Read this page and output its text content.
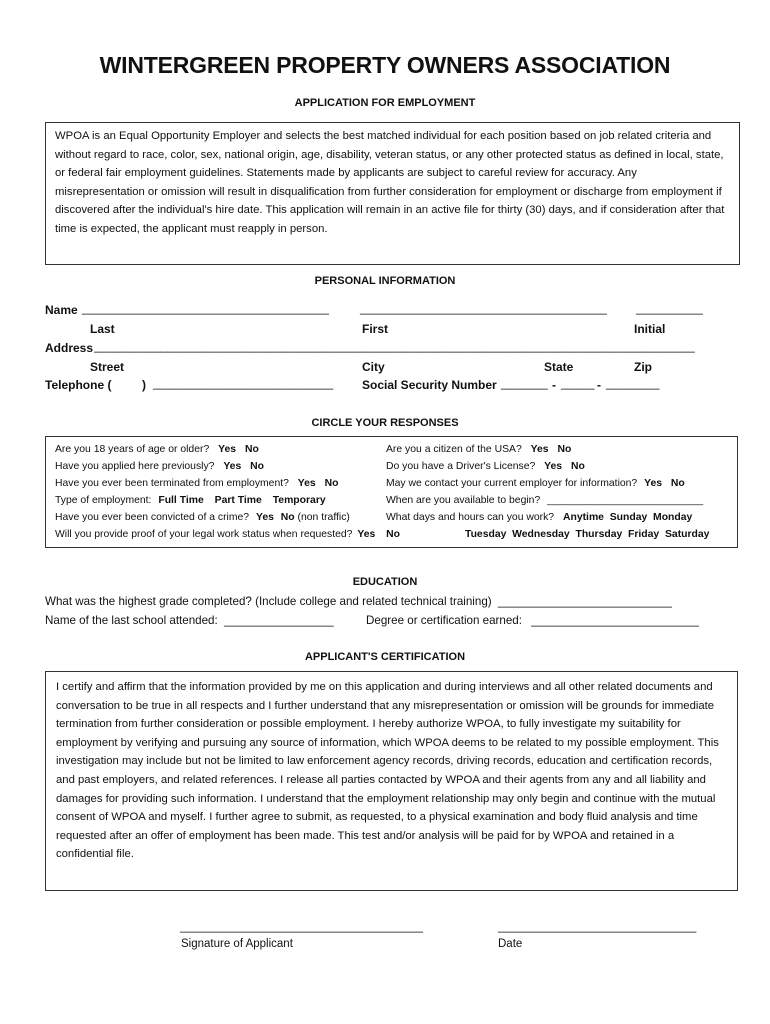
WINTERGREEN PROPERTY OWNERS ASSOCIATION
APPLICATION FOR EMPLOYMENT
WPOA is an Equal Opportunity Employer and selects the best matched individual for each position based on job related criteria and without regard to race, color, sex, national origin, age, disability, veteran status, or any other protected status as defined in local, state, or federal fair employment guidelines. Statements made by applicants are subject to careful review for accuracy. Any misrepresentation or omission will result in disqualification from further consideration for employment or discharge from employment if discovered after the individual's hire date. This application will remain in an active file for thirty (30) days, and if consideration after that time is expected, the applicant must reapply in person.
PERSONAL INFORMATION
Name _____________________________________	_____________________________________ __________
Last	First	Initial
Address __________________________________________________________________________________________
Street	City	State	Zip
Telephone (	) ___________________________ Social Security Number _______ - _____ - ________
CIRCLE YOUR RESPONSES
Are you 18 years of age or older? Yes No
Have you applied here previously? Yes No
Have you ever been terminated from employment? Yes No
Type of employment: Full Time Part Time Temporary
Have you ever been convicted of a crime? Yes No (non traffic)
Will you provide proof of your legal work status when requested? Yes No
Are you a citizen of the USA? Yes No
Do you have a Driver's License? Yes No
May we contact your current employer for information? Yes No
When are you available to begin? ___________________________
What days and hours can you work? Anytime  Sunday  Monday
Tuesday  Wednesday  Thursday  Friday  Saturday
EDUCATION
What was the highest grade completed? (Include college and related technical training) ___________________________
Name of the last school attended: _________________	Degree or certification earned: __________________________
APPLICANT'S CERTIFICATION
I certify and affirm that the information provided by me on this application and during interviews and all other related documents and conversation to be true in all respects and I further understand that any misrepresentation or omission will be grounds for immediate termination from further consideration or possible employment. I hereby authorize WPOA, to fully investigate my suitability for employment by verifying and pursuing any source of information, which WPOA deems to be related to my possible employment. This investigation may include but not be limited to law enforcement agency records, driving records, education and certification records, and past employers, and related references. I release all parties contacted by WPOA and their agents from any and all liability and damages for providing such information. I understand that the employment relationship may only begin and continue with the mutual consent of WPOA and myself. I further agree to submit, as requested, to a physical examination and body fluid analysis and time requested after an offer of employment has been made. This test and/or analysis will be paid for by WPOA and retained in a confidential file.
______________________________________
Signature of Applicant
_______________________________
Date
